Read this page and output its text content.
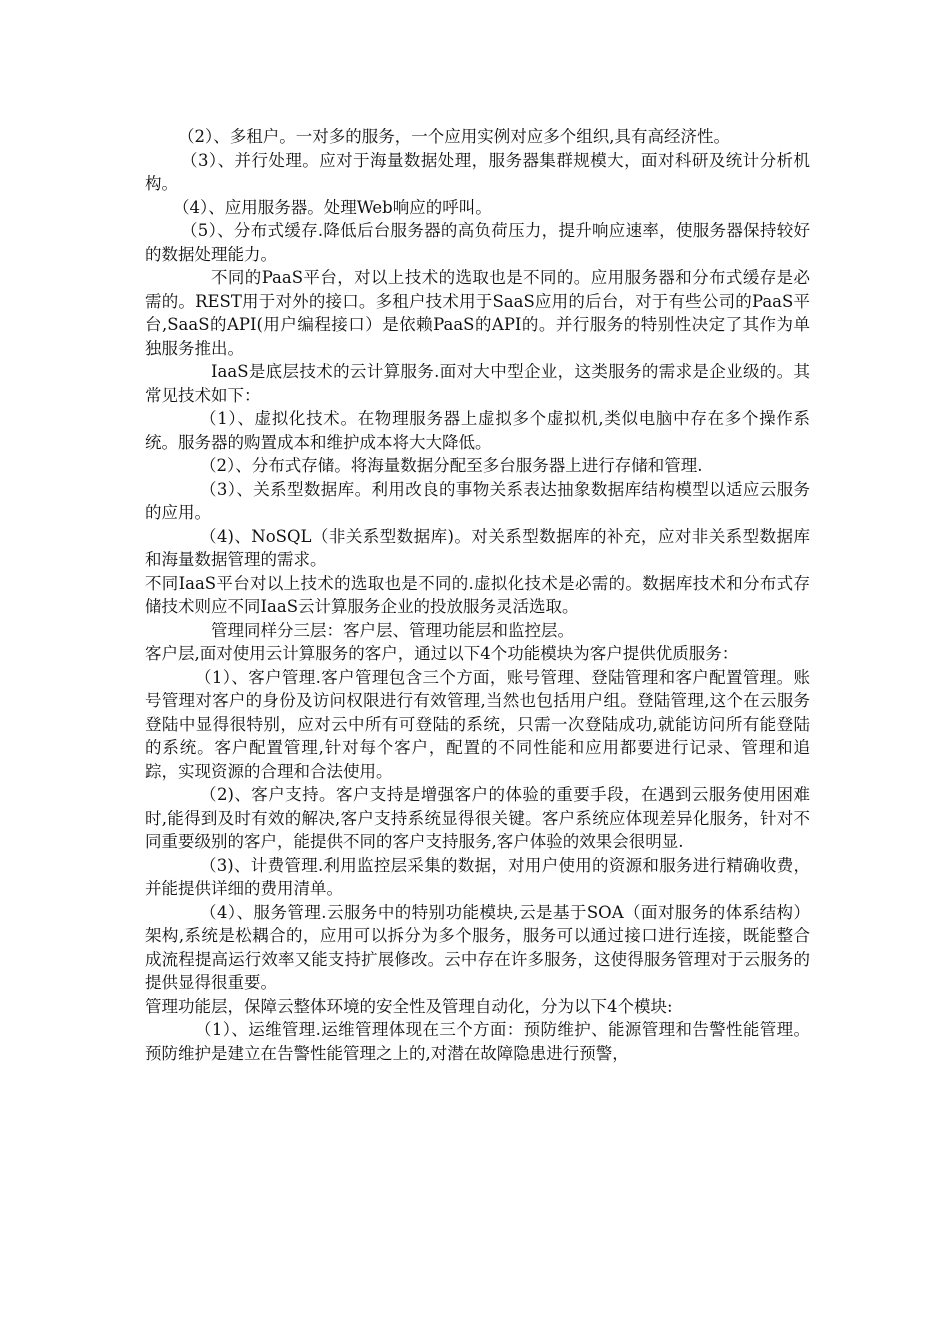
（2）、多租户。一对多的服务，一个应用实例对应多个组织,具有高经济性。

（3）、并行处理。应对于海量数据处理，服务器集群规模大，面对科研及统计分析机构。

（4）、应用服务器。处理Web响应的呼叫。

（5）、分布式缓存.降低后台服务器的高负荷压力，提升响应速率，使服务器保持较好的数据处理能力。

不同的PaaS平台，对以上技术的选取也是不同的。应用服务器和分布式缓存是必需的。REST用于对外的接口。多租户技术用于SaaS应用的后台，对于有些公司的PaaS平台,SaaS的API(用户编程接口）是依赖PaaS的API的。并行服务的特别性决定了其作为单独服务推出。

IaaS是底层技术的云计算服务.面对大中型企业，这类服务的需求是企业级的。其常见技术如下：

（1）、虚拟化技术。在物理服务器上虚拟多个虚拟机,类似电脑中存在多个操作系统。服务器的购置成本和维护成本将大大降低。

（2）、分布式存储。将海量数据分配至多台服务器上进行存储和管理.

（3）、关系型数据库。利用改良的事物关系表达抽象数据库结构模型以适应云服务的应用。

（4)、NoSQL（非关系型数据库)。对关系型数据库的补充，应对非关系型数据库和海量数据管理的需求。

不同IaaS平台对以上技术的选取也是不同的.虚拟化技术是必需的。数据库技术和分布式存储技术则应不同IaaS云计算服务企业的投放服务灵活选取。

管理同样分三层：客户层、管理功能层和监控层。

客户层,面对使用云计算服务的客户，通过以下4个功能模块为客户提供优质服务：

（1）、客户管理.客户管理包含三个方面，账号管理、登陆管理和客户配置管理。账号管理对客户的身份及访问权限进行有效管理,当然也包括用户组。登陆管理,这个在云服务登陆中显得很特别，应对云中所有可登陆的系统，只需一次登陆成功,就能访问所有能登陆的系统。客户配置管理,针对每个客户，配置的不同性能和应用都要进行记录、管理和追踪，实现资源的合理和合法使用。

（2)、客户支持。客户支持是增强客户的体验的重要手段，在遇到云服务使用困难时,能得到及时有效的解决,客户支持系统显得很关键。客户系统应体现差异化服务，针对不同重要级别的客户，能提供不同的客户支持服务,客户体验的效果会很明显.

（3)、计费管理.利用监控层采集的数据，对用户使用的资源和服务进行精确收费，并能提供详细的费用清单。

（4）、服务管理.云服务中的特别功能模块,云是基于SOA（面对服务的体系结构）架构,系统是松耦合的，应用可以拆分为多个服务，服务可以通过接口进行连接，既能整合成流程提高运行效率又能支持扩展修改。云中存在许多服务，这使得服务管理对于云服务的提供显得很重要。

管理功能层，保障云整体环境的安全性及管理自动化，分为以下4个模块:

（1）、运维管理.运维管理体现在三个方面：预防维护、能源管理和告警性能管理。预防维护是建立在告警性能管理之上的,对潜在故障隐患进行预警，
